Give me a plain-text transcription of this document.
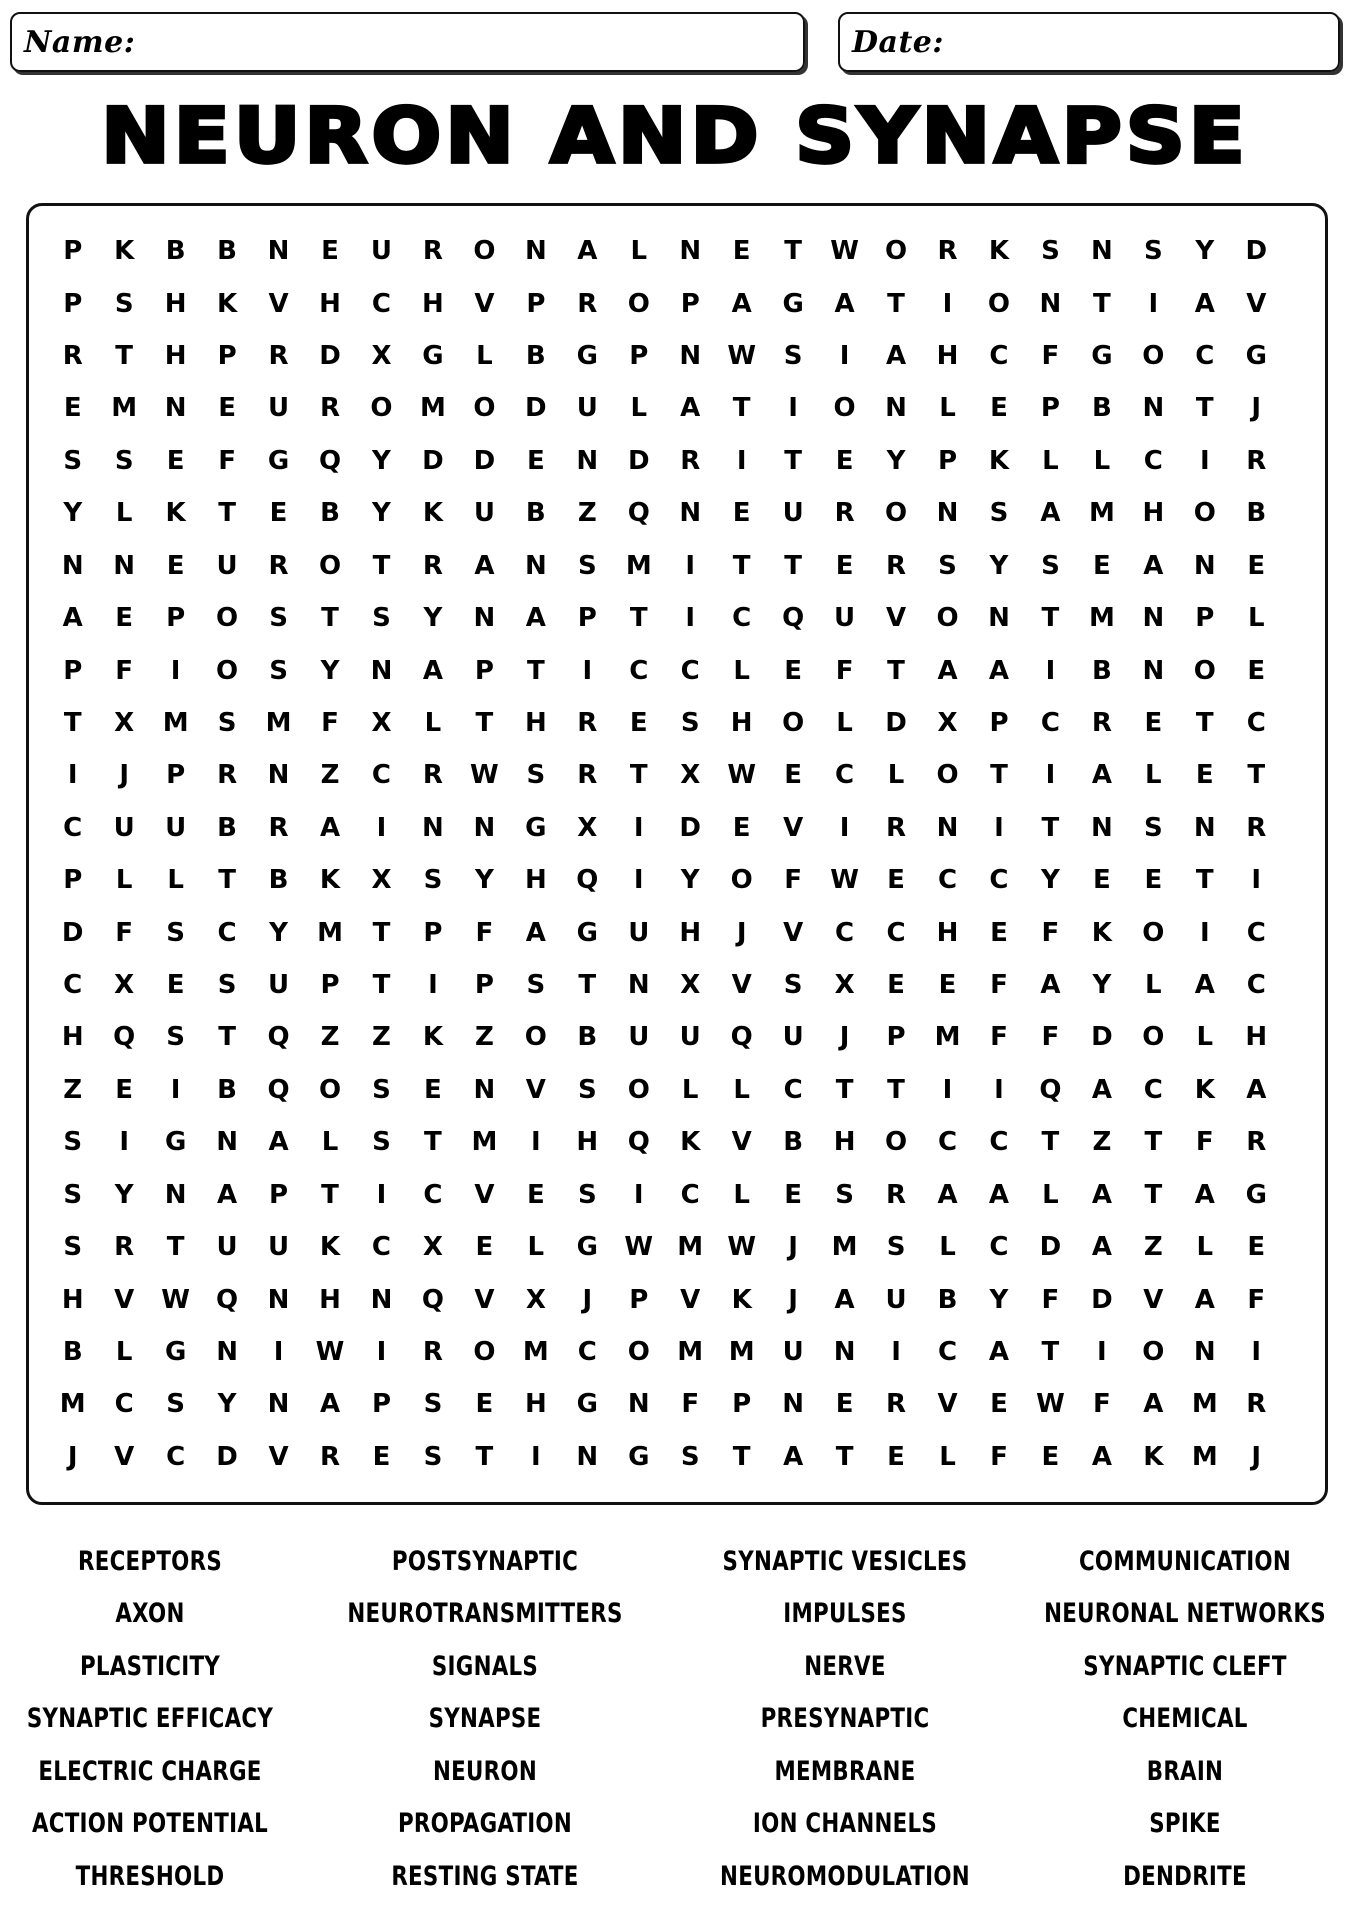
Name:	Date:
NEURON AND SYNAPSE
P	K	B	B	N	E	U	R	O	N	A	L	N	E	T	W	O	R	K	S	N	S	Y	D
P	S	H	K	V	H	C	H	V	P	R	O	P	A	G	A	T	I	O	N	T	I	A	V
R	T	H	P	R	D	X	G	L	B	G	P	N	W	S	I	A	H	C	F	G	O	C	G
E	M	N	E	U	R	O	M	O	D	U	L	A	T	I	O	N	L	E	P	B	N	T	J
S	S	E	F	G	Q	Y	D	D	E	N	D	R	I	T	E	Y	P	K	L	L	C	I	R
Y	L	K	T	E	B	Y	K	U	B	Z	Q	N	E	U	R	O	N	S	A	M	H	O	B
N	N	E	U	R	O	T	R	A	N	S	M	I	T	T	E	R	S	Y	S	E	A	N	E
A	E	P	O	S	T	S	Y	N	A	P	T	I	C	Q	U	V	O	N	T	M	N	P	L
P	F	I	O	S	Y	N	A	P	T	I	C	C	L	E	F	T	A	A	I	B	N	O	E
T	X	M	S	M	F	X	L	T	H	R	E	S	H	O	L	D	X	P	C	R	E	T	C
I	J	P	R	N	Z	C	R	W	S	R	T	X	W	E	C	L	O	T	I	A	L	E	T
C	U	U	B	R	A	I	N	N	G	X	I	D	E	V	I	R	N	I	T	N	S	N	R
P	L	L	T	B	K	X	S	Y	H	Q	I	Y	O	F	W	E	C	C	Y	E	E	T	I
D	F	S	C	Y	M	T	P	F	A	G	U	H	J	V	C	C	H	E	F	K	O	I	C
C	X	E	S	U	P	T	I	P	S	T	N	X	V	S	X	E	E	F	A	Y	L	A	C
H	Q	S	T	Q	Z	Z	K	Z	O	B	U	U	Q	U	J	P	M	F	F	D	O	L	H
Z	E	I	B	Q	O	S	E	N	V	S	O	L	L	C	T	T	I	I	Q	A	C	K	A
S	I	G	N	A	L	S	T	M	I	H	Q	K	V	B	H	O	C	C	T	Z	T	F	R
S	Y	N	A	P	T	I	C	V	E	S	I	C	L	E	S	R	A	A	L	A	T	A	G
S	R	T	U	U	K	C	X	E	L	G	W M W	J	M	S	L	C	D	A	Z	L	E
H	V	W	Q	N	H	N	Q	V	X	J	P	V	K	J	A	U	B	Y	F	D	V	A	F
B	L	G	N	I	W	I	R	O	M	C	O	M M	U	N	I	C	A	T	I	O	N	I
M	C	S	Y	N	A	P	S	E	H	G	N	F	P	N	E	R	V	E	W	F	A	M	R
J	V	C	D	V	R	E	S	T	I	N	G	S	T	A	T	E	L	F	E	A	K	M	J
RECEPTORS	POSTSYNAPTIC	SYNAPTIC VESICLES	COMMUNICATION
AXON	NEUROTRANSMITTERS	IMPULSES	NEURONAL NETWORKS
PLASTICITY	SIGNALS	NERVE	SYNAPTIC CLEFT
SYNAPTIC EFFICACY	SYNAPSE	PRESYNAPTIC	CHEMICAL
ELECTRIC CHARGE	NEURON	MEMBRANE	BRAIN
ACTION POTENTIAL	PROPAGATION	ION CHANNELS	SPIKE
THRESHOLD	RESTING STATE	NEUROMODULATION	DENDRITE
